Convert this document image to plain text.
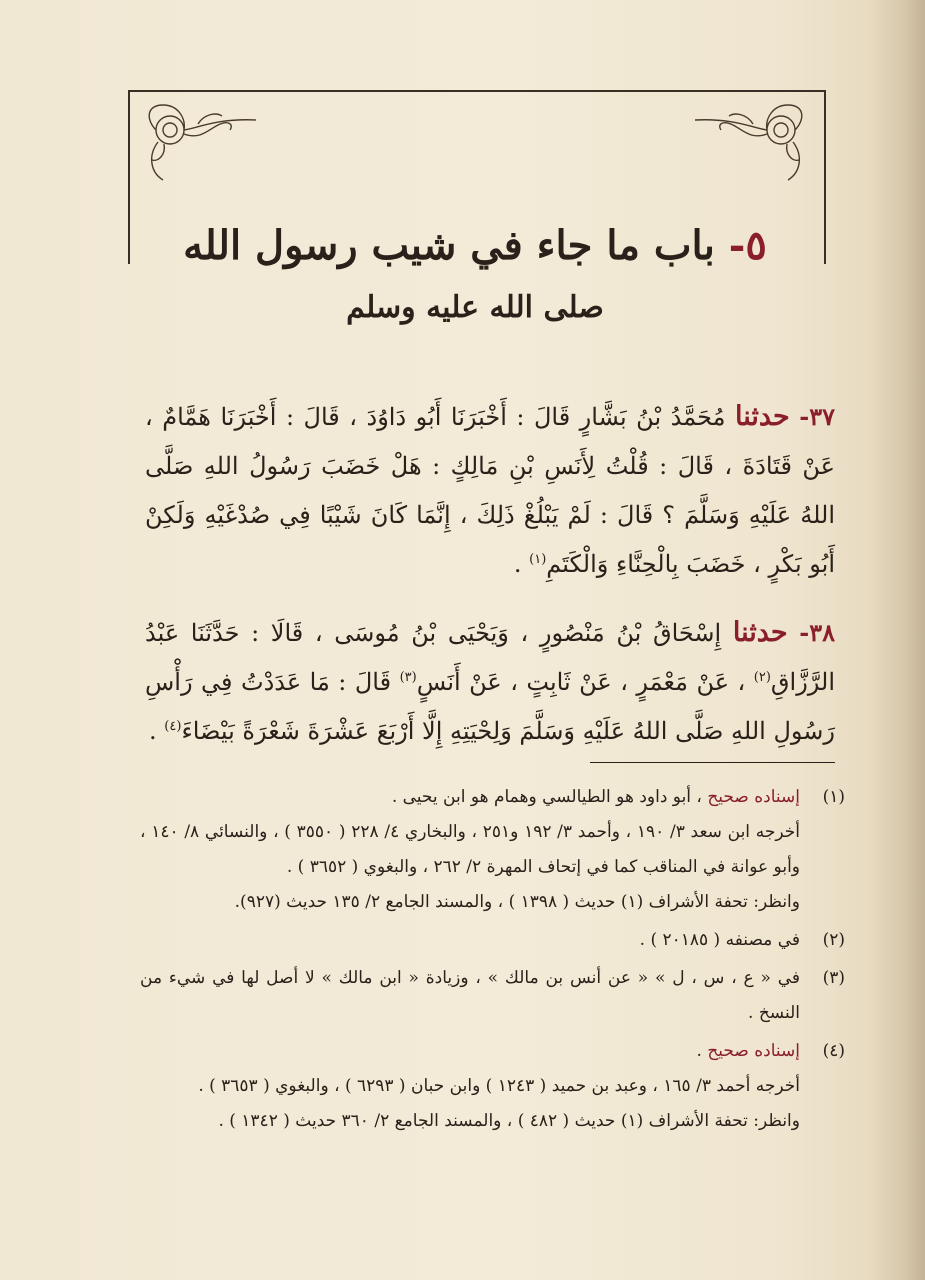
٥- باب ما جاء في شيب رسول الله
صلى الله عليه وسلم

٣٧- حدثنا مُحَمَّدُ بْنُ بَشَّارٍ قَالَ : أَخْبَرَنَا أَبُو دَاوُدَ ، قَالَ : أَخْبَرَنَا هَمَّامٌ ، عَنْ قَتَادَةَ ، قَالَ : قُلْتُ لِأَنَسِ بْنِ مَالِكٍ : هَلْ خَضَبَ رَسُولُ اللهِ صَلَّى اللهُ عَلَيْهِ وَسَلَّمَ ؟ قَالَ : لَمْ يَبْلُغْ ذَلِكَ ، إِنَّمَا كَانَ شَيْبًا فِي صُدْغَيْهِ وَلَكِنْ أَبُو بَكْرٍ ، خَضَبَ بِالْحِنَّاءِ وَالْكَتَمِ$^{(١)}$ .

٣٨- حدثنا إِسْحَاقُ بْنُ مَنْصُورٍ ، وَيَحْيَى بْنُ مُوسَى ، قَالَا : حَدَّثَنَا عَبْدُ الرَّزَّاقِ$^{(٢)}$ ، عَنْ مَعْمَرٍ ، عَنْ ثَابِتٍ ، عَنْ أَنَسٍ$^{(٣)}$ قَالَ : مَا عَدَدْتُ فِي رَأْسِ رَسُولِ اللهِ صَلَّى اللهُ عَلَيْهِ وَسَلَّمَ وَلِحْيَتِهِ إِلَّا أَرْبَعَ عَشْرَةَ شَعْرَةً بَيْضَاءَ$^{(٤)}$ .

(١)

إسناده صحيح ، أبو داود هو الطيالسي وهمام هو ابن يحيى .

أخرجه ابن سعد ٣/ ١٩٠ ، وأحمد ٣/ ١٩٢ و٢٥١ ، والبخاري ٤/ ٢٢٨ ( ٣٥٥٠ ) ، والنسائي ٨/ ١٤٠ ، وأبو عوانة في المناقب كما في إتحاف المهرة ٢/ ٢٦٢ ، والبغوي ( ٣٦٥٢ ) .

وانظر: تحفة الأشراف (١) حديث ( ١٣٩٨ ) ، والمسند الجامع ٢/ ١٣٥ حديث (٩٢٧).

(٢)

في مصنفه ( ٢٠١٨٥ ) .

(٣)

في « ع ، س ، ل » « عن أنس بن مالك » ، وزيادة « ابن مالك » لا أصل لها في شيء من النسخ .

(٤)

إسناده صحيح .

أخرجه أحمد ٣/ ١٦٥ ، وعبد بن حميد ( ١٢٤٣ ) وابن حبان ( ٦٢٩٣ ) ، والبغوي ( ٣٦٥٣ ) .

وانظر: تحفة الأشراف (١) حديث ( ٤٨٢ ) ، والمسند الجامع ٢/ ٣٦٠ حديث ( ١٣٤٢ ) .
